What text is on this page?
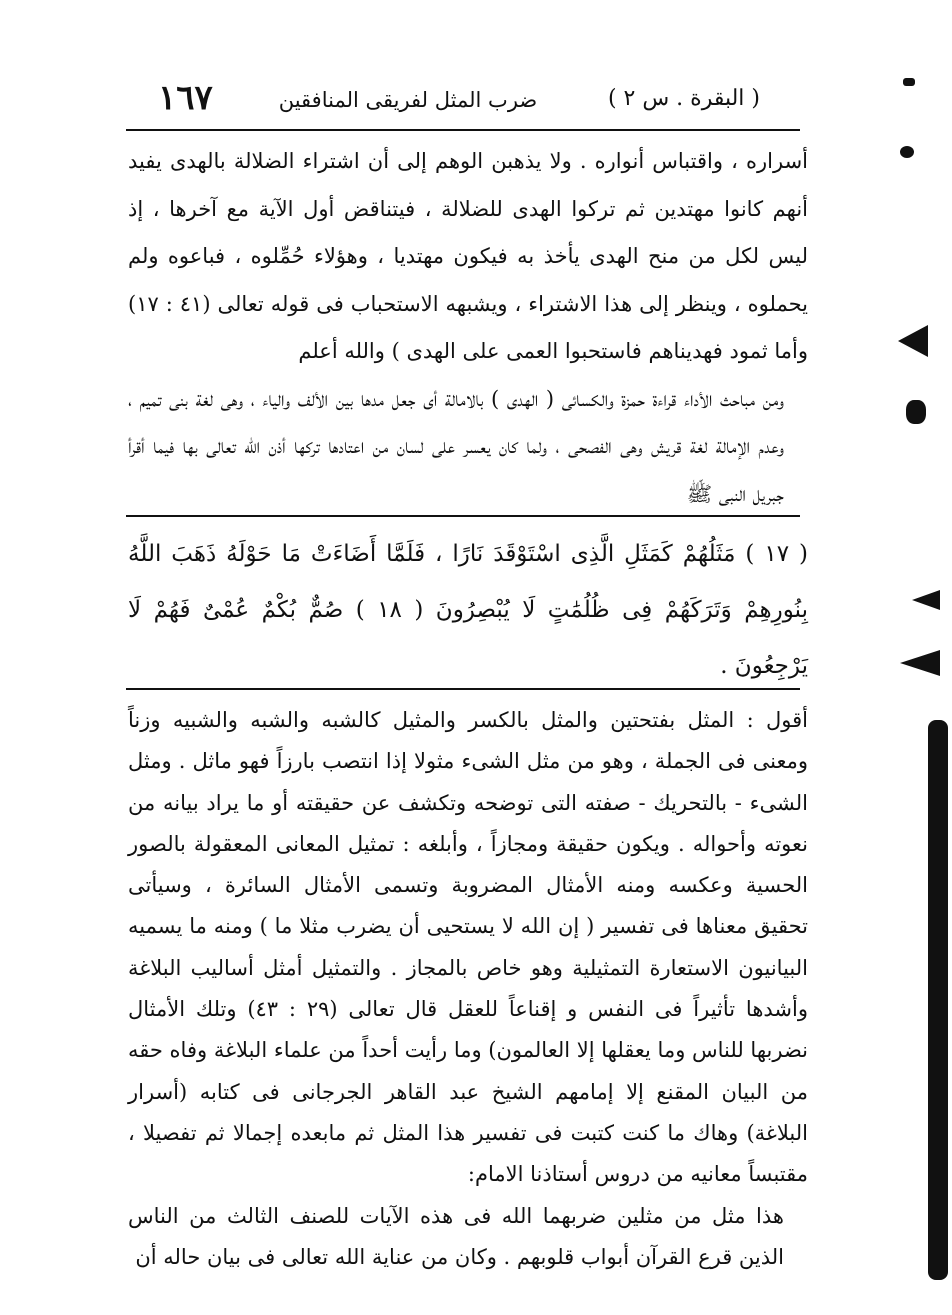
١٦٧	ضرب المثل لفريقى المنافقين	( البقرة . س ٢ )

أسراره ، واقتباس أنواره . ولا يذهبن الوهم إلى أن اشتراء الضلالة بالهدى يفيد أنهم كانوا مهتدين ثم تركوا الهدى للضلالة ، فيتناقض أول الآية مع آخرها ، إذ ليس لكل من منح الهدى يأخذ به فيكون مهتديا ، وهؤلاء حُمِّلوه ، فباعوه ولم يحملوه ، وينظر إلى هذا الاشتراء ، ويشبهه الاستحباب فى قوله تعالى (٤١ : ١٧) وأما ثمود فهديناهم فاستحبوا العمى على الهدى ) والله أعلم

ومن مباحث الأداء قراءة حمزة والكسائى ( الهدى ) بالامالة أى جعل مدها بين الألف والياء ، وهى لغة بنى تميم ، وعدم الإمالة لغة قريش وهى الفصحى ، ولما كان يعسر على لسان من اعتادها تركها أذن الله تعالى بها فيما أقرأ جبريل النبى ﷺ

( ١٧ ) مَثَلُهُمْ كَمَثَلِ الَّذِى اسْتَوْقَدَ نَارًا ، فَلَمَّا أَضَاءَتْ مَا حَوْلَهُ ذَهَبَ اللَّهُ بِنُورِهِمْ وَتَرَكَهُمْ فِى ظُلُمَٰتٍ لَا يُبْصِرُونَ ( ١٨ ) صُمٌّ بُكْمٌ عُمْىٌ فَهُمْ لَا يَرْجِعُونَ .

أقول : المثل بفتحتين والمثل بالكسر والمثيل كالشبه والشبه والشبيه وزناً ومعنى فى الجملة ، وهو من مثل الشىء مثولا إذا انتصب بارزاً فهو ماثل . ومثل الشىء - بالتحريك - صفته التى توضحه وتكشف عن حقيقته أو ما يراد بيانه من نعوته وأحواله . ويكون حقيقة ومجازاً ، وأبلغه : تمثيل المعانى المعقولة بالصور الحسية وعكسه ومنه الأمثال المضروبة وتسمى الأمثال السائرة ، وسيأتى تحقيق معناها فى تفسير ( إن الله لا يستحيى أن يضرب مثلا ما ) ومنه ما يسميه البيانيون الاستعارة التمثيلية وهو خاص بالمجاز . والتمثيل أمثل أساليب البلاغة وأشدها تأثيراً فى النفس و إقناعاً للعقل قال تعالى (٢٩ : ٤٣) وتلك الأمثال نضربها للناس وما يعقلها إلا العالمون) وما رأيت أحداً من علماء البلاغة وفاه حقه من البيان المقنع إلا إمامهم الشيخ عبد القاهر الجرجانى فى كتابه (أسرار البلاغة) وهاك ما كنت كتبت فى تفسير هذا المثل ثم مابعده إجمالا ثم تفصيلا ، مقتبساً معانيه من دروس أستاذنا الامام:

هذا مثل من مثلين ضربهما الله فى هذه الآيات للصنف الثالث من الناس الذين قرع القرآن أبواب قلوبهم . وكان من عناية الله تعالى فى بيان حاله أن
